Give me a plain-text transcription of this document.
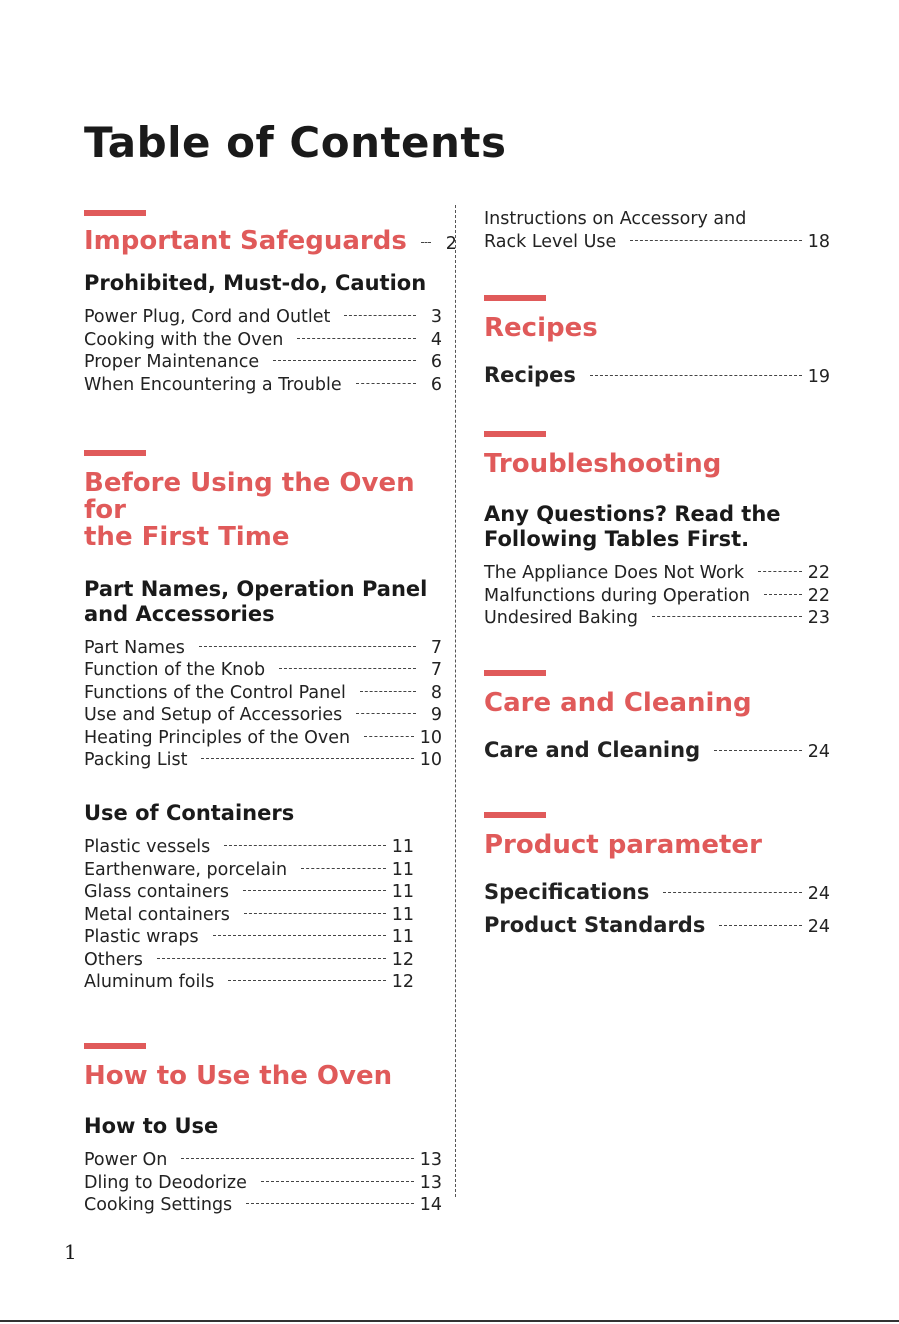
Table of Contents
Important Safeguards	2
Prohibited, Must-do, Caution
Power Plug, Cord and Outlet	3
Cooking with the Oven	4
Proper Maintenance	6
When Encountering a Trouble	6
Before Using the Oven for
the First Time
Part Names, Operation Panel
and Accessories
Part Names	7
Function of the Knob	7
Functions of the Control Panel	8
Use and Setup of Accessories	9
Heating Principles of the Oven	10
Packing List	10
Use of Containers
Plastic vessels	11
Earthenware, porcelain	11
Glass containers	11
Metal containers	11
Plastic wraps	11
Others	12
Aluminum foils	12
How to Use the Oven
How to Use
Power On	13
Dling to Deodorize	13
Cooking Settings	14
Instructions on Accessory and
Rack Level Use	18
Recipes
Recipes	19
Troubleshooting
Any Questions? Read the
Following Tables First.
The Appliance Does Not Work	22
Malfunctions during Operation	22
Undesired Baking	23
Care and Cleaning
Care and Cleaning	24
Product parameter
Specifications	24
Product Standards	24
1
